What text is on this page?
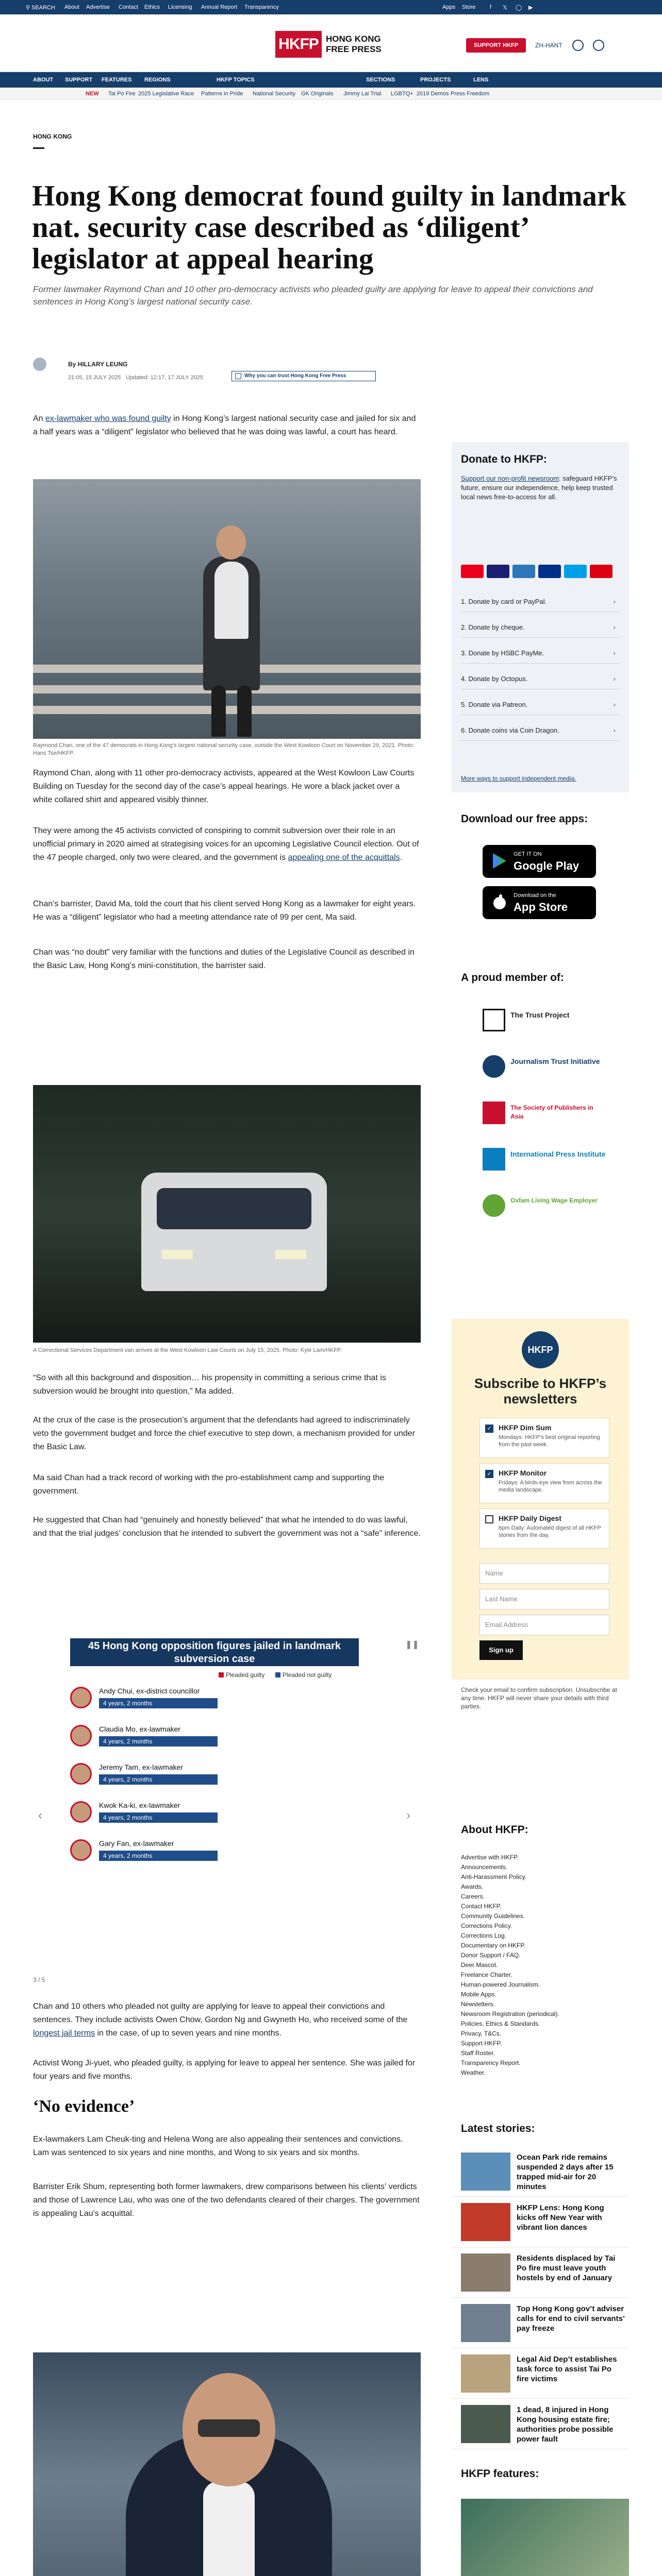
⚲ SEARCH About Advertise Contact Ethics Licensing Annual Report Transparency	Apps Store	f 𝕏 ◯ ▶
HKFP HONG KONG
FREE PRESS	SUPPORT HKFP	ZH-HANT
ABOUT SUPPORT FEATURES REGIONS	HKFP TOPICS	SECTIONS	PROJECTS	LENS
NEW Tai Po Fire 2025 Legislative Race Patterns in Pride National Security GK Originals Jimmy Lai Trial LGBTQ+ 2019 Demos Press Freedom
HONG KONG
Hong Kong democrat found guilty in landmark nat. security case described as ‘diligent’ legislator at appeal hearing
Former lawmaker Raymond Chan and 10 other pro-democracy activists who pleaded guilty are applying for leave to appeal their convictions and sentences in Hong Kong’s largest national security case.
By HILLARY LEUNG
21:05, 15 JULY 2025 Updated: 12:17, 17 JULY 2025	Why you can trust Hong Kong Free Press

An ex-lawmaker who was found guilty in Hong Kong’s largest national security case and jailed for six and a half years was a “diligent” legislator who believed that he was doing was lawful, a court has heard.

Raymond Chan, one of the 47 democrats in Hong Kong’s largest national security case, outside the West Kowloon Court on November 29, 2021. Photo: Hans Tse/HKFP.

Raymond Chan, along with 11 other pro-democracy activists, appeared at the West Kowloon Law Courts Building on Tuesday for the second day of the case’s appeal hearings. He wore a black jacket over a white collared shirt and appeared visibly thinner.

They were among the 45 activists convicted of conspiring to commit subversion over their role in an unofficial primary in 2020 aimed at strategising voices for an upcoming Legislative Council election. Out of the 47 people charged, only two were cleared, and the government is appealing one of the acquittals.

Chan’s barrister, David Ma, told the court that his client served Hong Kong as a lawmaker for eight years. He was a “diligent” legislator who had a meeting attendance rate of 99 per cent, Ma said.

Chan was “no doubt” very familiar with the functions and duties of the Legislative Council as described in the Basic Law, Hong Kong’s mini-constitution, the barrister said.

A Correctional Services Department van arrives at the West Kowloon Law Courts on July 15, 2025. Photo: Kyle Lam/HKFP.

“So with all this background and disposition… his propensity in committing a serious crime that is subversion would be brought into question,” Ma added.

At the crux of the case is the prosecution’s argument that the defendants had agreed to indiscriminately veto the government budget and force the chief executive to step down, a mechanism provided for under the Basic Law.

Ma said Chan had a track record of working with the pro-establishment camp and supporting the government.

He suggested that Chan had “genuinely and honestly believed” that what he intended to do was lawful, and that the trial judges’ conclusion that he intended to subvert the government was not a “safe” inference.

45 Hong Kong opposition figures jailed in landmark subversion case
Pleaded guilty	Pleaded not guilty
Andy Chui, ex-district councillor
4 years, 2 months
Claudia Mo, ex-lawmaker
4 years, 2 months
Jeremy Tam, ex-lawmaker
4 years, 2 months
Kwok Ka-ki, ex-lawmaker
4 years, 2 months
Gary Fan, ex-lawmaker
4 years, 2 months
‹	›
❚❚
3 / 5

Chan and 10 others who pleaded not guilty are applying for leave to appeal their convictions and sentences. They include activists Owen Chow, Gordon Ng and Gwyneth Ho, who received some of the longest jail terms in the case, of up to seven years and nine months.

Activist Wong Ji-yuet, who pleaded guilty, is applying for leave to appeal her sentence. She was jailed for four years and five months.

‘No evidence’

Ex-lawmakers Lam Cheuk-ting and Helena Wong are also appealing their sentences and convictions. Lam was sentenced to six years and nine months, and Wong to six years and six months.

Barrister Erik Shum, representing both former lawmakers, drew comparisons between his clients’ verdicts and those of Lawrence Lau, who was one of the two defendants cleared of their charges. The government is appealing Lau’s acquittal.

Donate to HKFP:
Support our non-profit newsroom: safeguard HKFP’s future, ensure our independence, help keep trusted local news free-to-access for all.
1. Donate by card or PayPal.	›
2. Donate by cheque.	›
3. Donate by HSBC PayMe.	›
4. Donate by Octopus.	›
5. Donate via Patreon.	›
6. Donate coins via Coin Dragon.	›
More ways to support independent media.
Download our free apps:
GET IT ON
Google Play
Download on the
App Store
A proud member of:
The Trust Project
Journalism Trust Initiative
The Society of Publishers in Asia
International Press Institute
Oxfam Living Wage Employer
HKFP
Subscribe to HKFP’s newsletters
✓ HKFP Dim Sum
Mondays: HKFP’s best original reporting from the past week.
✓ HKFP Monitor
Fridays: A birds-eye view from across the media landscape.
HKFP Daily Digest
6pm Daily: Automated digest of all HKFP stories from the day.
Name
Last Name
Email Address
Sign up
Check your email to confirm subscription. Unsubscribe at any time. HKFP will never share your details with third parties.
About HKFP:
Advertise with HKFP.
Announcements.
Anti-Harassment Policy.
Awards.
Careers.
Contact HKFP.
Community Guidelines.
Corrections Policy.
Corrections Log.
Documentary on HKFP.
Donor Support / FAQ.
Deer Mascot.
Freelance Charter.
Human-powered Journalism.
Mobile Apps.
Newsletters.
Newsroom Registration (periodical).
Policies, Ethics & Standards.
Privacy, T&Cs.
Support HKFP.
Staff Roster.
Transparency Report.
Weather.
Latest stories:
Ocean Park ride remains suspended 2 days after 15 trapped mid-air for 20 minutes
HKFP Lens: Hong Kong kicks off New Year with vibrant lion dances
Residents displaced by Tai Po fire must leave youth hostels by end of January
Top Hong Kong gov’t adviser calls for end to civil servants’ pay freeze
Legal Aid Dep’t establishes task force to assist Tai Po fire victims
1 dead, 8 injured in Hong Kong housing estate fire; authorities probe possible power fault
HKFP features:
